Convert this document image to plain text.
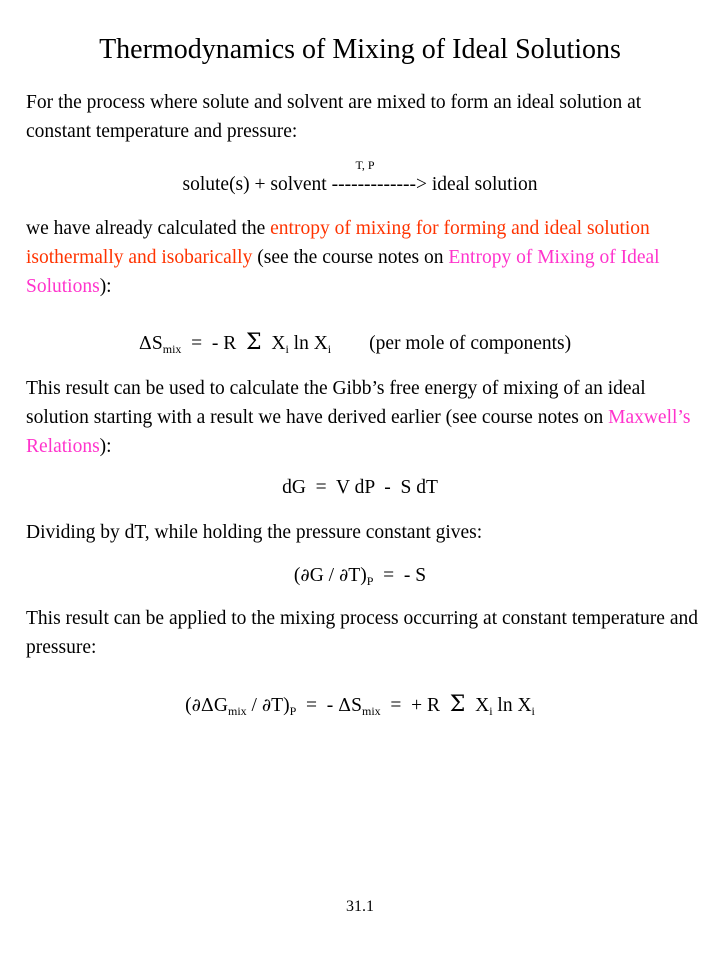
Thermodynamics of Mixing of Ideal Solutions
For the process where solute and solvent are mixed to form an ideal solution at constant temperature and pressure:
T, P
solute(s) + solvent -------------> ideal solution
we have already calculated the entropy of mixing for forming and ideal solution isothermally and isobarically (see the course notes on Entropy of Mixing of Ideal Solutions):
$\Delta S_{mix}$  =  - R  Σ  $X_i$ $\ln X_i$ (per mole of components)
This result can be used to calculate the Gibb’s free energy of mixing of an ideal solution starting with a result we have derived earlier (see course notes on Maxwell’s Relations):
dG  =  V dP  -  S dT
Dividing by dT, while holding the pressure constant gives:
$(\partial G / \partial T)_P$  =  - S
This result can be applied to the mixing process occurring at constant temperature and pressure:
$(\partial\Delta G_{mix} / \partial T)_P$  =  - $\Delta S_{mix}$  =  + R  Σ  $X_i$ $\ln X_i$
31.1
